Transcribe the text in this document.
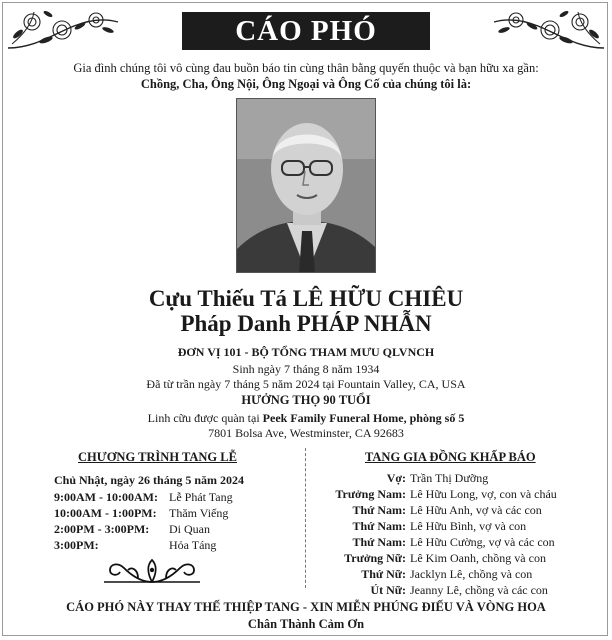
CÁO PHÓ
Gia đình chúng tôi vô cùng đau buồn báo tin cùng thân bằng quyến thuộc và bạn hữu xa gần:
Chồng, Cha, Ông Nội, Ông Ngoại và Ông Cố của chúng tôi là:
Cựu Thiếu Tá LÊ HỮU CHIÊU
Pháp Danh PHÁP NHẪN
ĐƠN VỊ 101 - BỘ TỔNG THAM MƯU QLVNCH
Sinh ngày 7 tháng 8 năm 1934
Đã từ trần ngày 7 tháng 5 năm 2024 tại Fountain Valley, CA, USA
HƯỞNG THỌ 90 TUỔI
Linh cữu được quàn tại Peek Family Funeral Home, phòng số 5
7801 Bolsa Ave, Westminster, CA 92683
CHƯƠNG TRÌNH TANG LỄ	TANG GIA ĐỒNG KHẤP BÁO
Chủ Nhật, ngày 26 tháng 5 năm 2024
9:00AM - 10:00AM: Lễ Phát Tang
10:00AM - 1:00PM: Thăm Viếng
2:00PM - 3:00PM: Di Quan
3:00PM:	Hỏa Táng
Vợ: Trần Thị Dưỡng
Trưởng Nam: Lê Hữu Long, vợ, con và cháu
Thứ Nam: Lê Hữu Anh, vợ và các con
Thứ Nam: Lê Hữu Bình, vợ và con
Thứ Nam: Lê Hữu Cường, vợ và các con
Trưởng Nữ: Lê Kim Oanh, chồng và con
Thứ Nữ: Jacklyn Lê, chồng và con
Út Nữ: Jeanny Lê, chồng và các con
CÁO PHÓ NÀY THAY THẾ THIỆP TANG - XIN MIỄN PHÚNG ĐIẾU VÀ VÒNG HOA
Chân Thành Cảm Ơn
